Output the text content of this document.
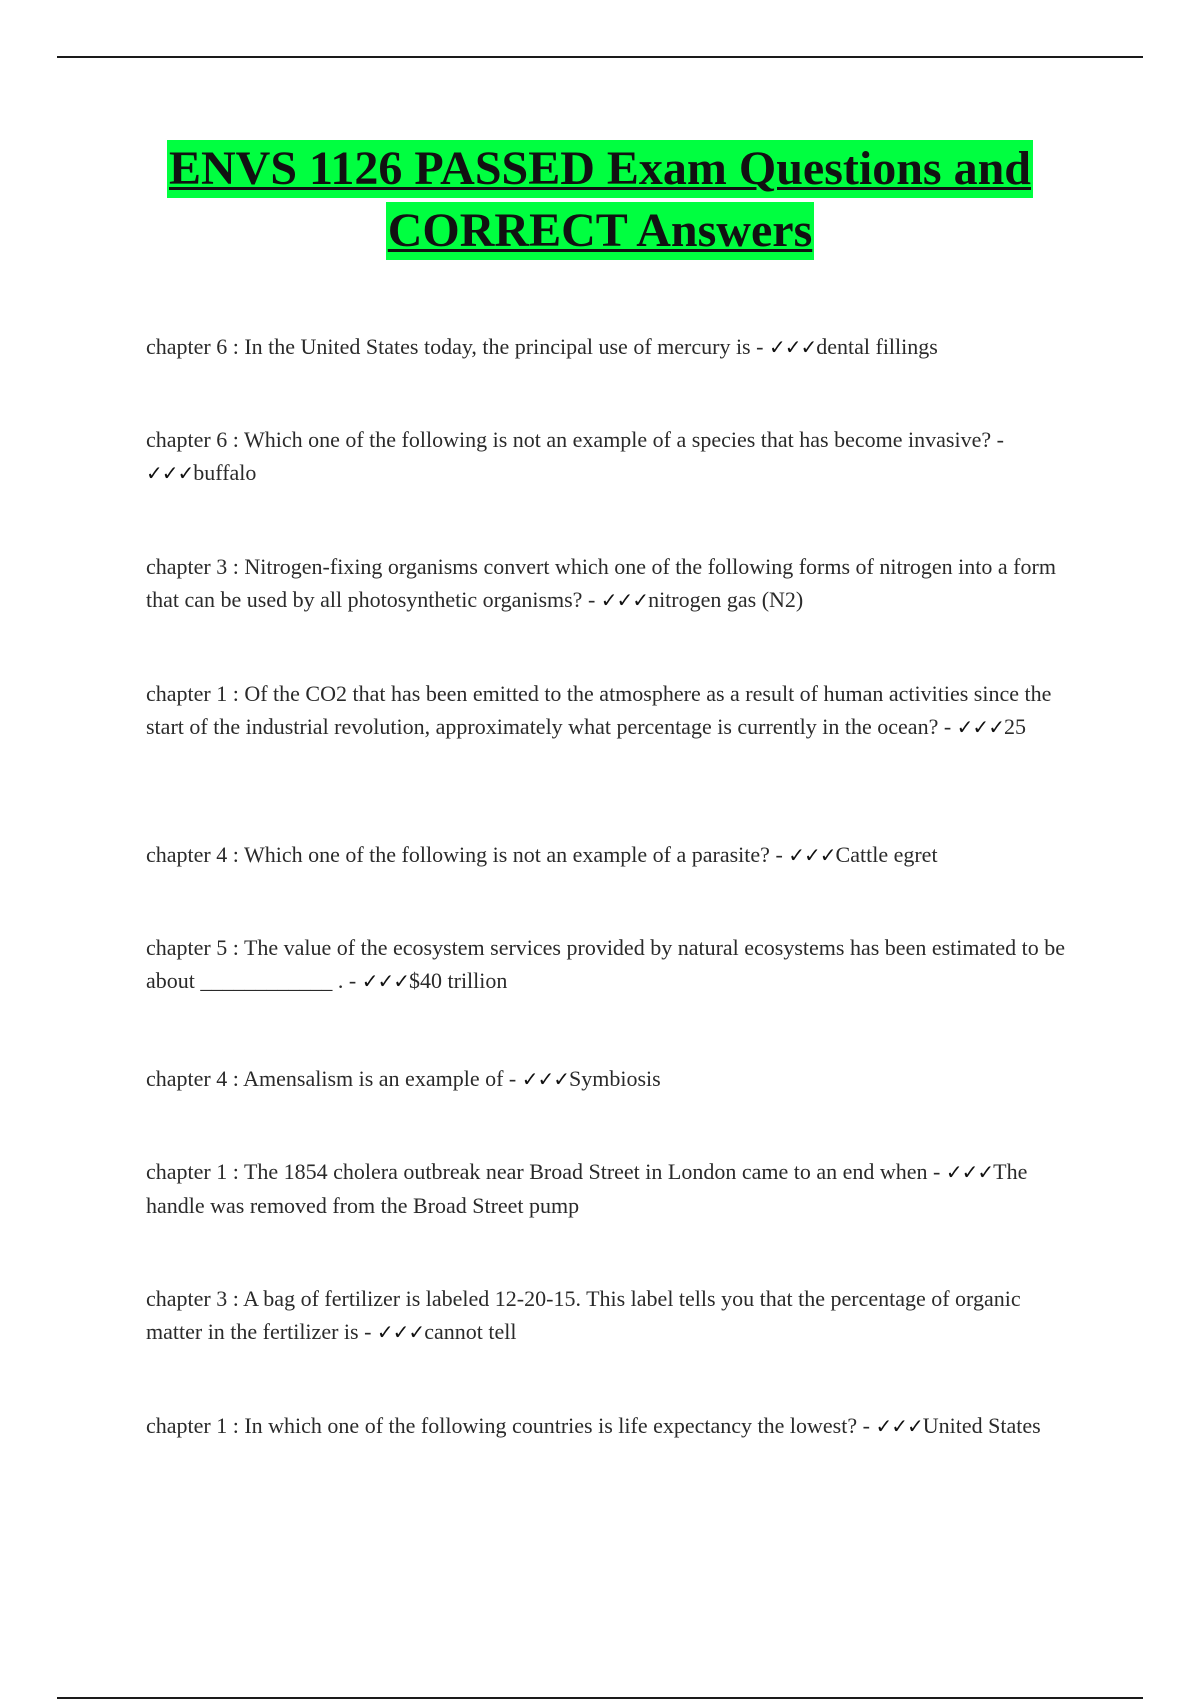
ENVS 1126 PASSED Exam Questions and
CORRECT Answers
chapter 6 : In the United States today, the principal use of mercury is - ✓✓✓dental fillings
chapter 6 : Which one of the following is not an example of a species that has become invasive? - ✓✓✓buffalo
chapter 3 : Nitrogen-fixing organisms convert which one of the following forms of nitrogen into a form that can be used by all photosynthetic organisms? - ✓✓✓nitrogen gas (N2)
chapter 1 : Of the CO2 that has been emitted to the atmosphere as a result of human activities since the start of the industrial revolution, approximately what percentage is currently in the ocean? - ✓✓✓25
chapter 4 : Which one of the following is not an example of a parasite? - ✓✓✓Cattle egret
chapter 5 : The value of the ecosystem services provided by natural ecosystems has been estimated to be about ____________ . - ✓✓✓$40 trillion
chapter 4 : Amensalism is an example of - ✓✓✓Symbiosis
chapter 1 : The 1854 cholera outbreak near Broad Street in London came to an end when - ✓✓✓The handle was removed from the Broad Street pump
chapter 3 : A bag of fertilizer is labeled 12-20-15. This label tells you that the percentage of organic matter in the fertilizer is - ✓✓✓cannot tell
chapter 1 : In which one of the following countries is life expectancy the lowest? - ✓✓✓United States
